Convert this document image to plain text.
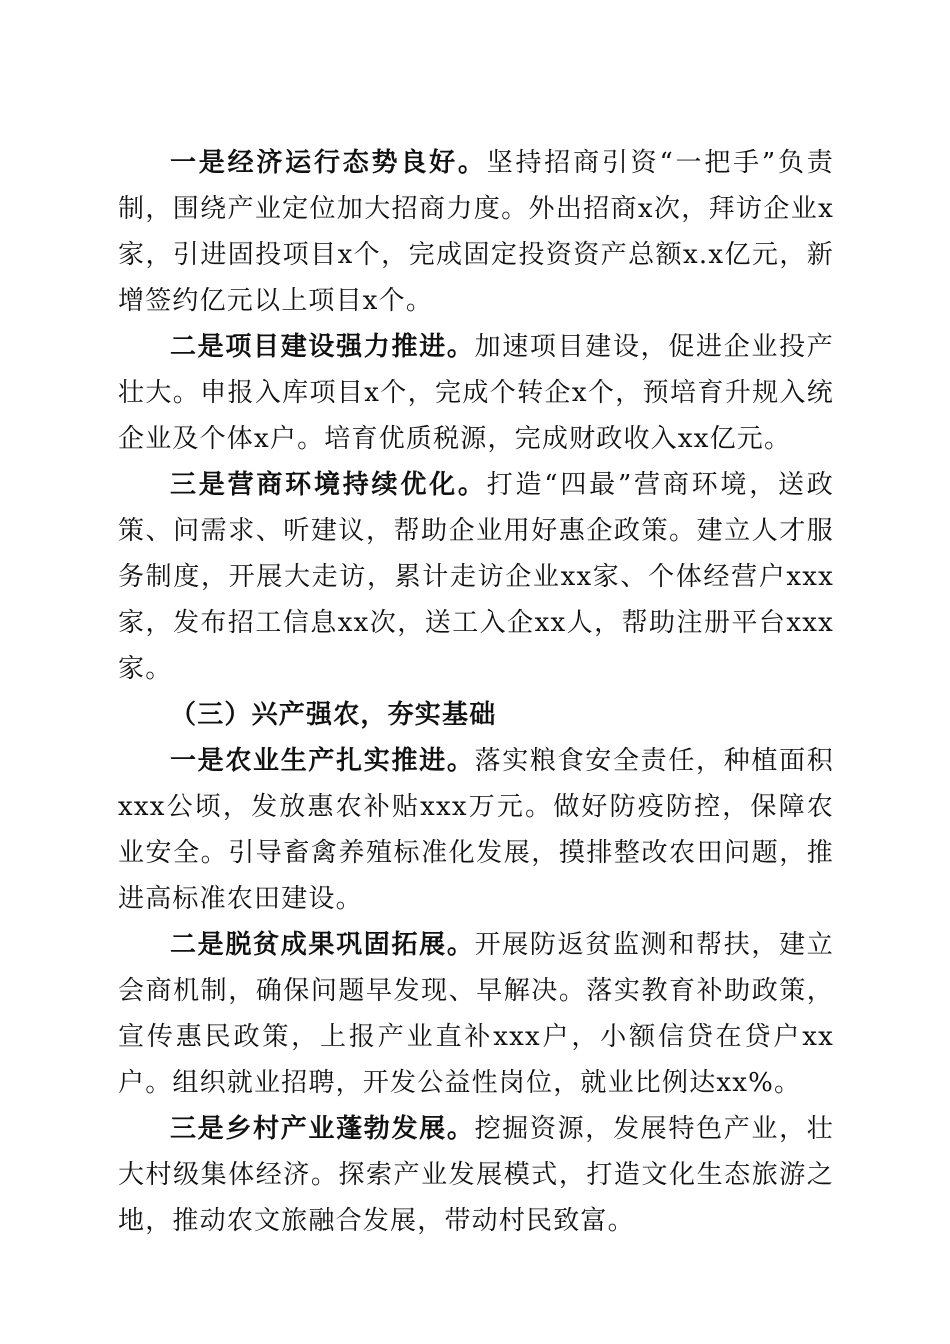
一是经济运行态势良好。坚持招商引资“一把手”负责制，围绕产业定位加大招商力度。外出招商x次，拜访企业x家，引进固投项目x个，完成固定投资资产总额x.x亿元，新增签约亿元以上项目x个。

二是项目建设强力推进。加速项目建设，促进企业投产壮大。申报入库项目x个，完成个转企x个，预培育升规入统企业及个体x户。培育优质税源，完成财政收入xx亿元。

三是营商环境持续优化。打造“四最”营商环境，送政策、问需求、听建议，帮助企业用好惠企政策。建立人才服务制度，开展大走访，累计走访企业xx家、个体经营户xxx家，发布招工信息xx次，送工入企xx人，帮助注册平台xxx家。

（三）兴产强农，夯实基础

一是农业生产扎实推进。落实粮食安全责任，种植面积xxx公顷，发放惠农补贴xxx万元。做好防疫防控，保障农业安全。引导畜禽养殖标准化发展，摸排整改农田问题，推进高标准农田建设。

二是脱贫成果巩固拓展。开展防返贫监测和帮扶，建立会商机制，确保问题早发现、早解决。落实教育补助政策，宣传惠民政策，上报产业直补xxx户，小额信贷在贷户xx户。组织就业招聘，开发公益性岗位，就业比例达xx%。

三是乡村产业蓬勃发展。挖掘资源，发展特色产业，壮大村级集体经济。探索产业发展模式，打造文化生态旅游之地，推动农文旅融合发展，带动村民致富。
